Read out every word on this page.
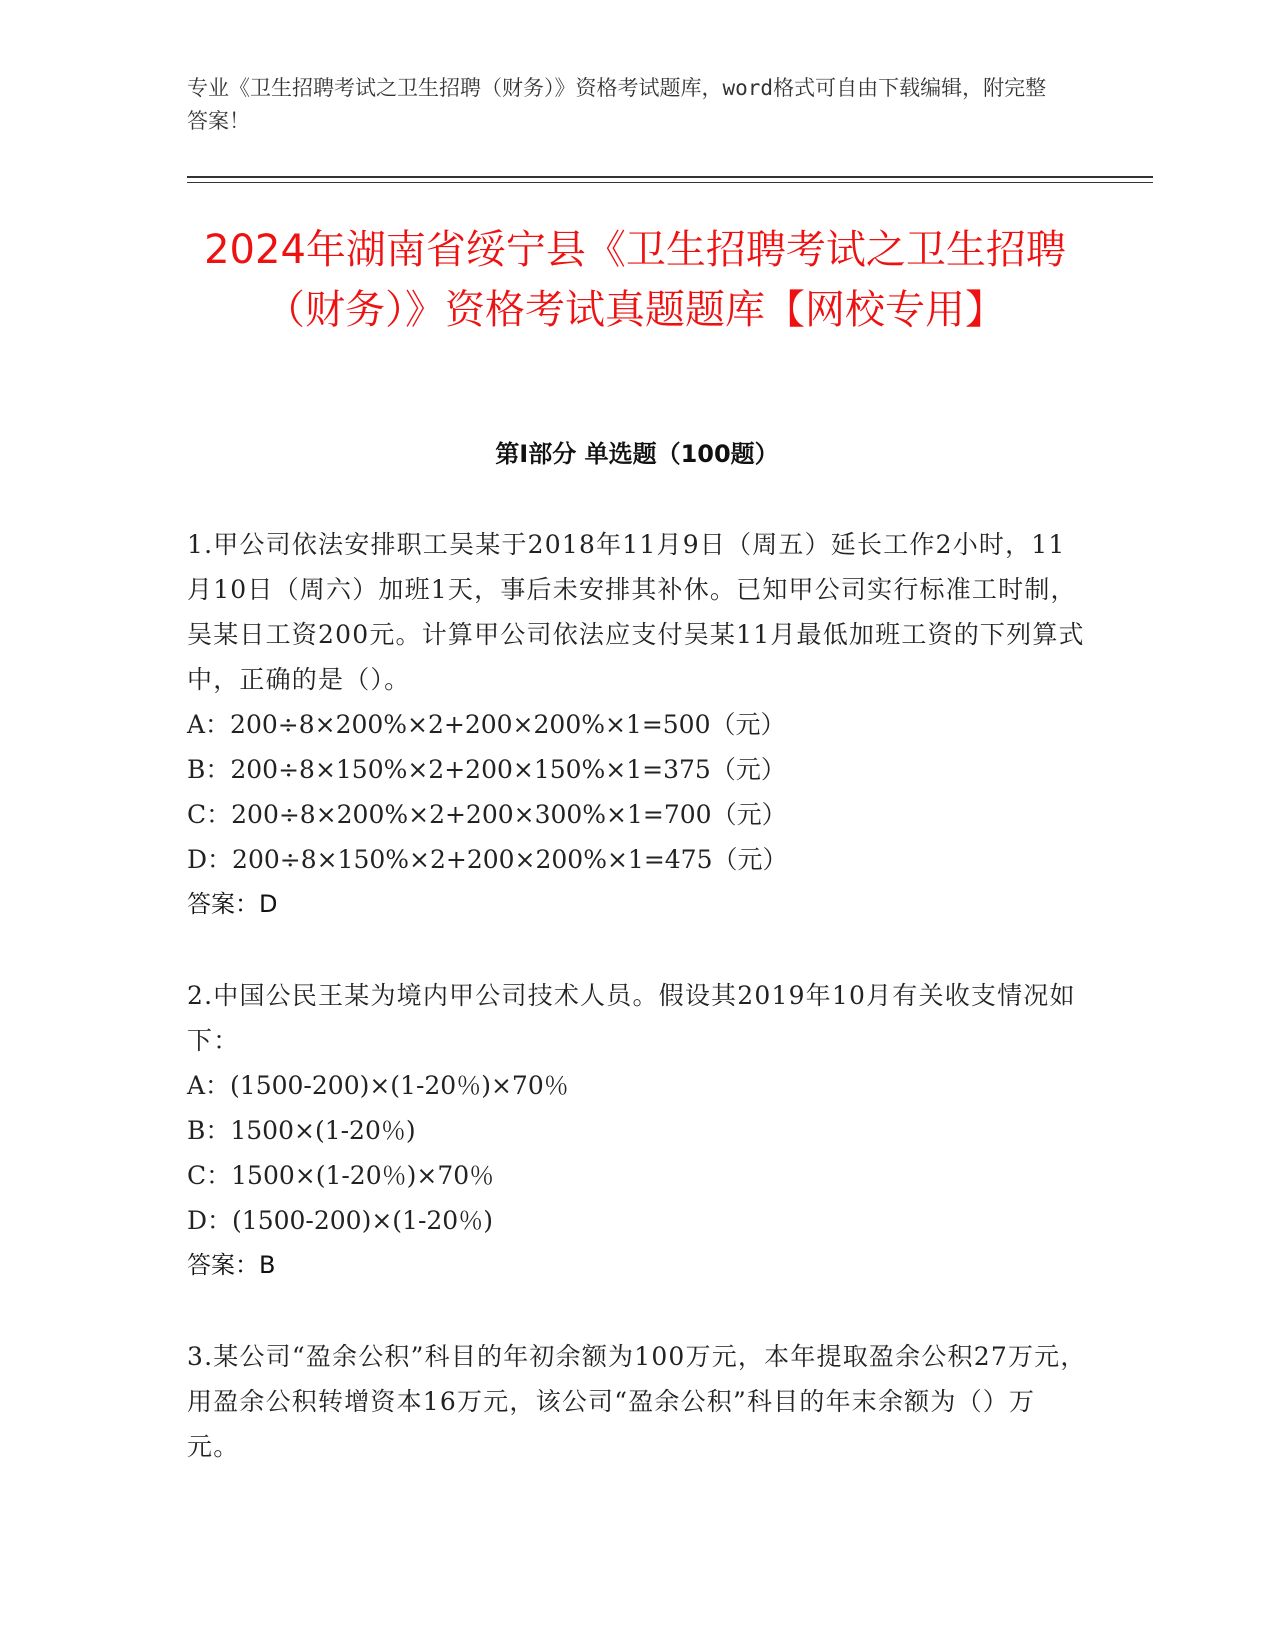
专业《卫生招聘考试之卫生招聘（财务）》资格考试题库，word格式可自由下载编辑，附完整答案！
2024年湖南省绥宁县《卫生招聘考试之卫生招聘（财务）》资格考试真题题库【网校专用】
第I部分 单选题（100题）

1.甲公司依法安排职工吴某于2018年11月9日（周五）延长工作2小时，11月10日（周六）加班1天，事后未安排其补休。已知甲公司实行标准工时制，吴某日工资200元。计算甲公司依法应支付吴某11月最低加班工资的下列算式中，正确的是（）。

A：200÷8×200%×2+200×200%×1=500（元）

B：200÷8×150%×2+200×150%×1=375（元）

C：200÷8×200%×2+200×300%×1=700（元）

D：200÷8×150%×2+200×200%×1=475（元）

答案：D

2.中国公民王某为境内甲公司技术人员。假设其2019年10月有关收支情况如下：

A：(1500-200)×(1-20％)×70％

B：1500×(1-20％)

C：1500×(1-20％)×70％

D：(1500-200)×(1-20％)

答案：B

3.某公司“盈余公积”科目的年初余额为100万元，本年提取盈余公积27万元，用盈余公积转增资本16万元，该公司“盈余公积”科目的年末余额为（）万元。
